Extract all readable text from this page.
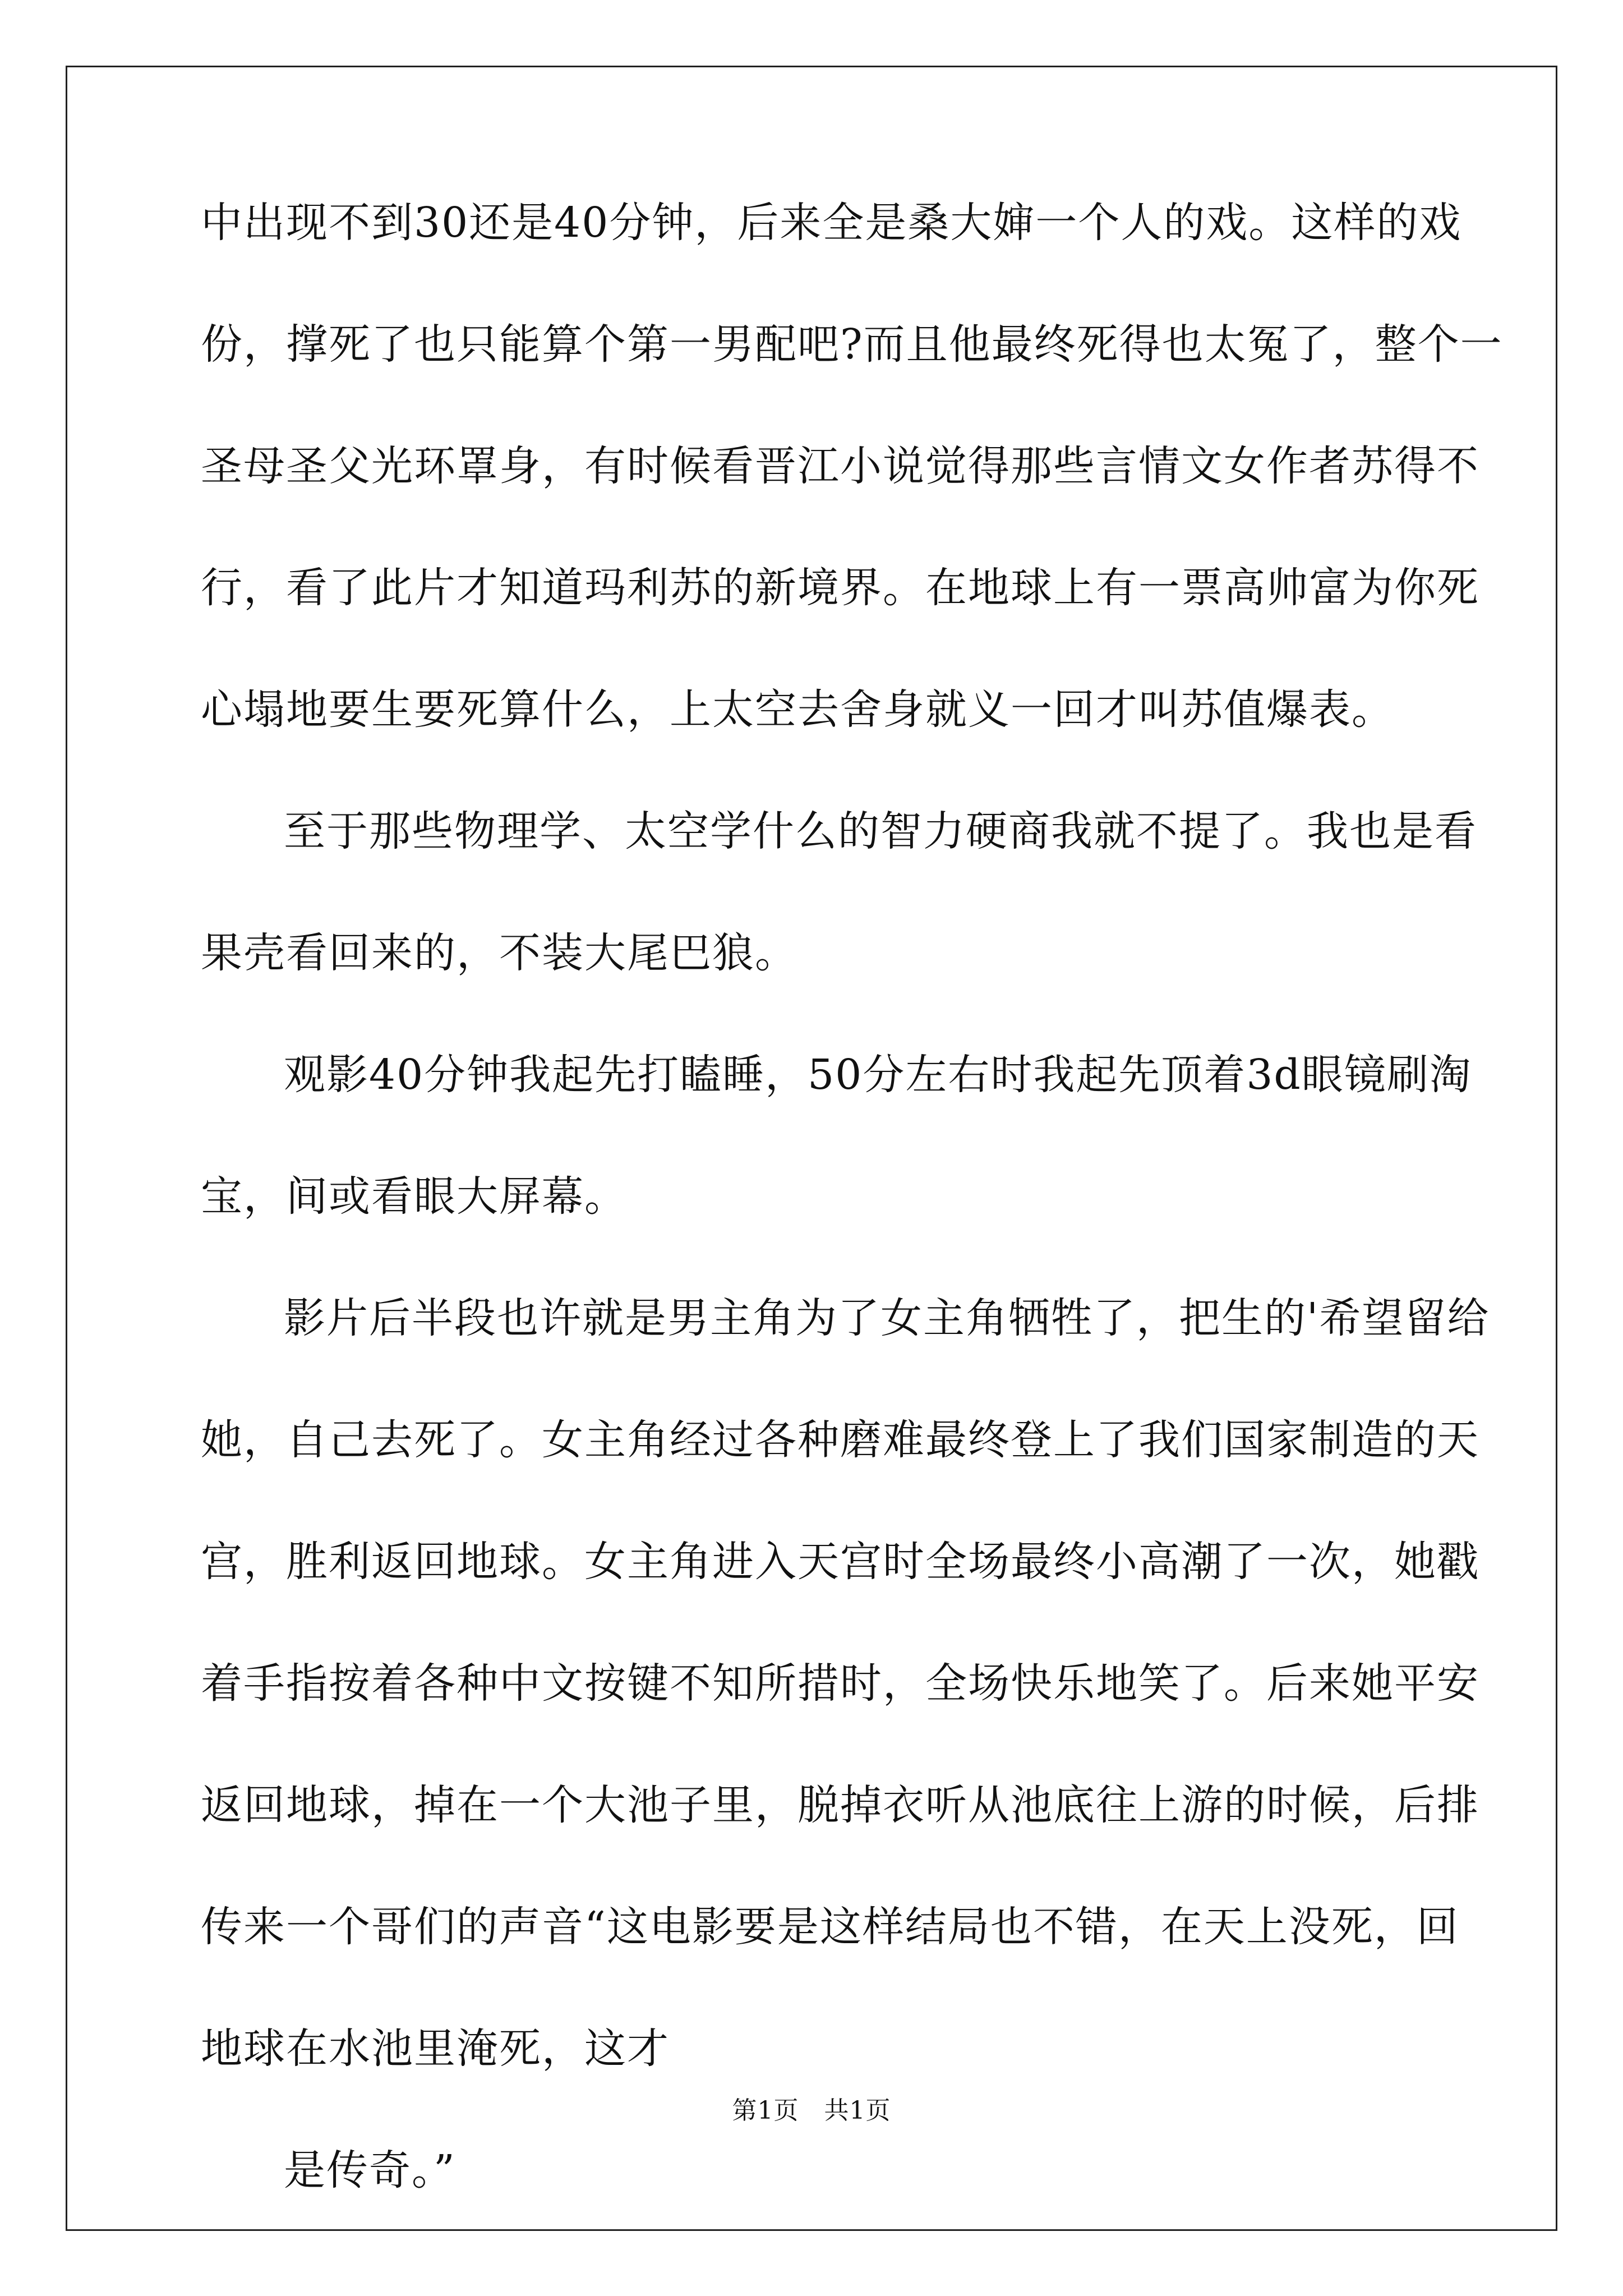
中出现不到30还是40分钟，后来全是桑大婶一个人的戏。这样的戏

份，撑死了也只能算个第一男配吧?而且他最终死得也太冤了，整个一

圣母圣父光环罩身，有时候看晋江小说觉得那些言情文女作者苏得不

行，看了此片才知道玛利苏的新境界。在地球上有一票高帅富为你死

心塌地要生要死算什么，上太空去舍身就义一回才叫苏值爆表。

至于那些物理学、太空学什么的智力硬商我就不提了。我也是看

果壳看回来的，不装大尾巴狼。

观影40分钟我起先打瞌睡，50分左右时我起先顶着3d眼镜刷淘

宝，间或看眼大屏幕。

影片后半段也许就是男主角为了女主角牺牲了，把生的'希望留给

她，自己去死了。女主角经过各种磨难最终登上了我们国家制造的天

宫，胜利返回地球。女主角进入天宫时全场最终小高潮了一次，她戳

着手指按着各种中文按键不知所措时，全场快乐地笑了。后来她平安

返回地球，掉在一个大池子里，脱掉衣听从池底往上游的时候，后排

传来一个哥们的声音“这电影要是这样结局也不错，在天上没死，回

地球在水池里淹死，这才

是传奇。”

第1页　共1页
